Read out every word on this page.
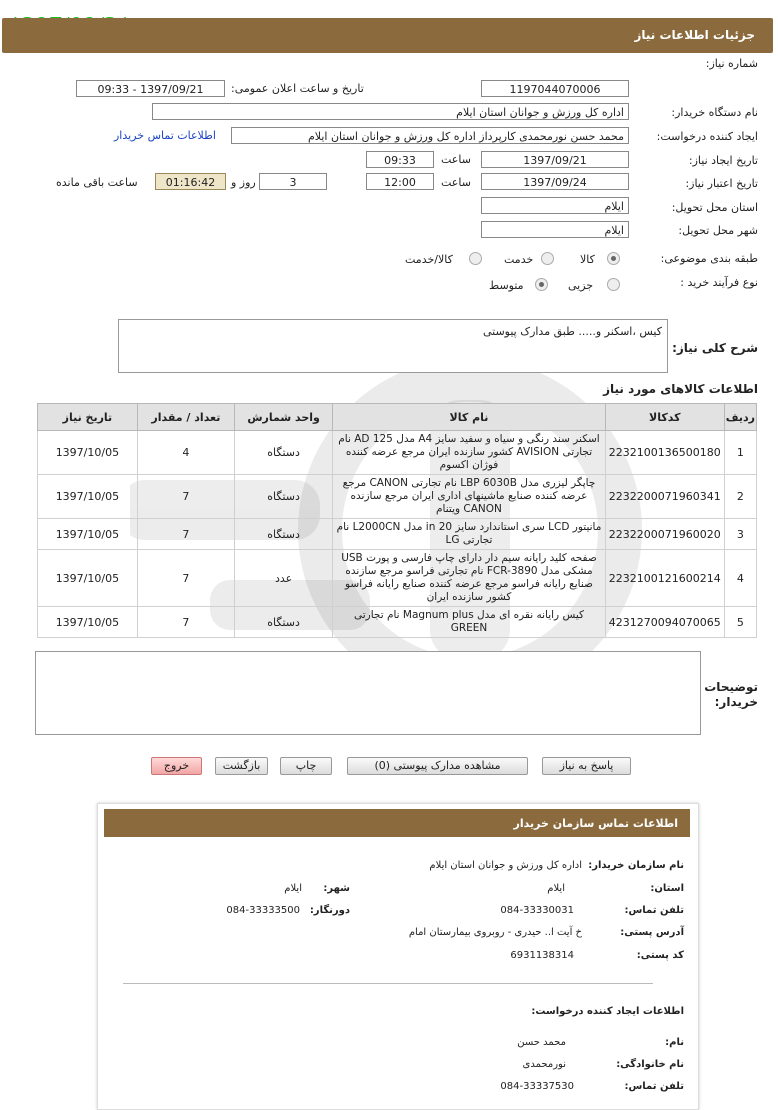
جزئیات اطلاعات نیاز
شماره نیاز:
1197044070006
تاریخ و ساعت اعلان عمومی:
1397/09/21 - 09:33
نام دستگاه خریدار:
اداره کل ورزش و جوانان استان ایلام
ایجاد کننده درخواست:
محمد حسن نورمحمدی کارپرداز اداره کل ورزش و جوانان استان ایلام
اطلاعات تماس خریدار
تاریخ ایجاد نیاز:
1397/09/21
ساعت
09:33
تاریخ اعتبار نیاز:
1397/09/24
ساعت
12:00
3
روز و
01:16:42
ساعت باقی مانده
استان محل تحویل:
ایلام
شهر محل تحویل:
ایلام
طبقه بندی موضوعی:
کالا
خدمت
کالا/خدمت
نوع فرآیند خرید :
جزیی
متوسط
شرح کلی نیاز:
کیس ،اسکنر و..... طبق مدارک پیوستی
اطلاعات کالاهای مورد نیاز
ردیف	کدکالا	نام کالا	واحد شمارش	تعداد / مقدار	تاریخ نیاز
1	2232100136500180	اسکنر سند رنگی و سیاه و سفید سایز A4 مدل AD 125 نام تجارتی AVISION کشور سازنده ایران مرجع عرضه کننده فوژان اکسوم	دستگاه	4	1397/10/05
2	2232200071960341	چاپگر لیزری مدل LBP 6030B نام تجارتی CANON مرجع عرضه کننده صنایع ماشینهای اداری ایران مرجع سازنده CANON ویتنام	دستگاه	7	1397/10/05
3	2232200071960020	مانیتور LCD سری استاندارد سایز 20 in مدل L2000CN نام تجارتی LG	دستگاه	7	1397/10/05
4	2232100121600214	صفحه کلید رایانه سیم دار دارای چاپ فارسی و پورت USB مشکی مدل FCR-3890 نام تجارتی فراسو مرجع سازنده صنایع رایانه فراسو مرجع عرضه کننده صنایع رایانه فراسو کشور سازنده ایران	عدد	7	1397/10/05
5	4231270094070065	کیس رایانه نقره ای مدل Magnum plus نام تجارتی GREEN	دستگاه	7	1397/10/05
توضیحات خریدار:
پاسخ به نیاز
مشاهده مدارک پیوستی (0)
چاپ
بازگشت
خروج
اطلاعات تماس سازمان خریدار
نام سازمان خریدار:
اداره کل ورزش و جوانان استان ایلام
استان:
ایلام
شهر:
ایلام
تلفن تماس:
084-33330031
دورنگار:
084-33333500
آدرس پستی:
خ آیت ا.. حیدری - روبروی بیمارستان امام
کد پستی:
6931138314
اطلاعات ایجاد کننده درخواست:
نام:
محمد حسن
نام خانوادگی:
نورمحمدی
تلفن تماس:
084-33337530
